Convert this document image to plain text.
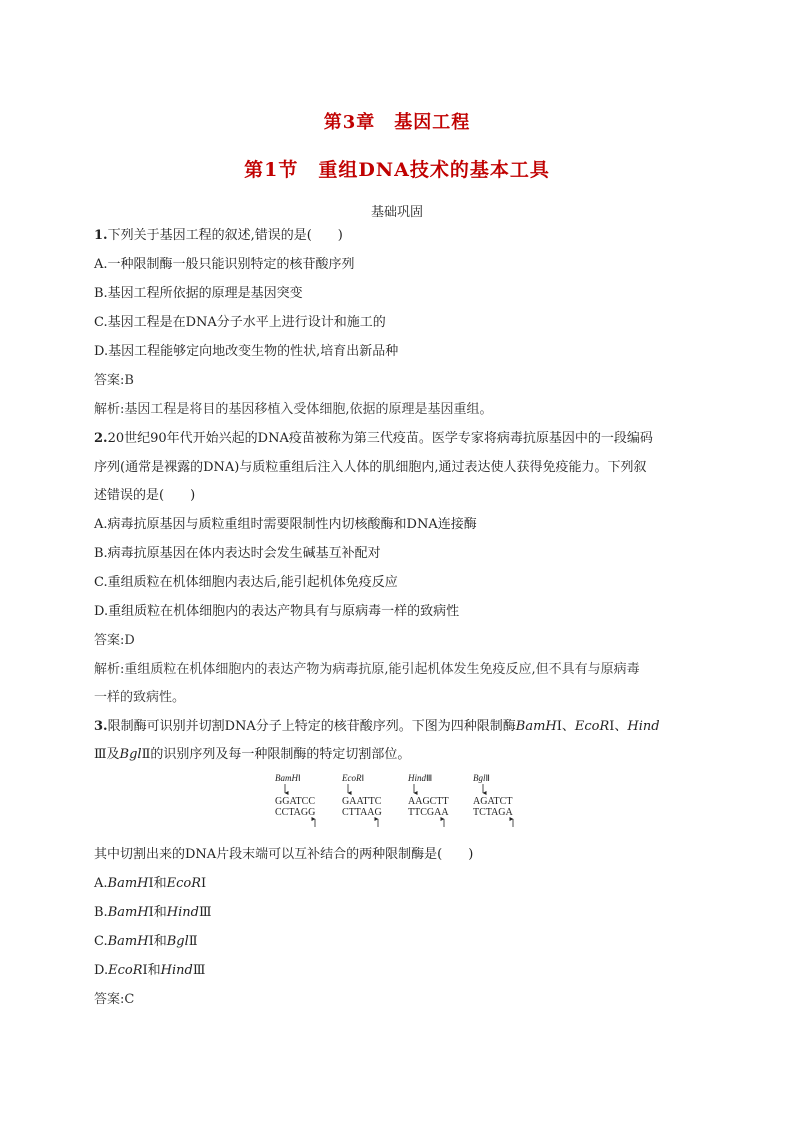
第3章　基因工程
第1节　重组DNA技术的基本工具
基础巩固
1.下列关于基因工程的叙述,错误的是(　　)
A.一种限制酶一般只能识别特定的核苷酸序列
B.基因工程所依据的原理是基因突变
C.基因工程是在DNA分子水平上进行设计和施工的
D.基因工程能够定向地改变生物的性状,培育出新品种
答案:B
解析:基因工程是将目的基因移植入受体细胞,依据的原理是基因重组。
2.20世纪90年代开始兴起的DNA疫苗被称为第三代疫苗。医学专家将病毒抗原基因中的一段编码
序列(通常是裸露的DNA)与质粒重组后注入人体的肌细胞内,通过表达使人获得免疫能力。下列叙
述错误的是(　　)
A.病毒抗原基因与质粒重组时需要限制性内切核酸酶和DNA连接酶
B.病毒抗原基因在体内表达时会发生碱基互补配对
C.重组质粒在机体细胞内表达后,能引起机体免疫反应
D.重组质粒在机体细胞内的表达产物具有与原病毒一样的致病性
答案:D
解析:重组质粒在机体细胞内的表达产物为病毒抗原,能引起机体发生免疫反应,但不具有与原病毒
一样的致病性。
3.限制酶可识别并切割DNA分子上特定的核苷酸序列。下图为四种限制酶BamHⅠ、EcoRⅠ、Hind
Ⅲ及BglⅡ的识别序列及每一种限制酶的特定切割部位。
BamHⅠ
GGATCC
CCTAGG
EcoRⅠ
GAATTC
CTTAAG
HindⅢ
AAGCTT
TTCGAA
BglⅡ
AGATCT
TCTAGA
其中切割出来的DNA片段末端可以互补结合的两种限制酶是(　　)
A.BamHⅠ和EcoRⅠ
B.BamHⅠ和HindⅢ
C.BamHⅠ和BglⅡ
D.EcoRⅠ和HindⅢ
答案:C
